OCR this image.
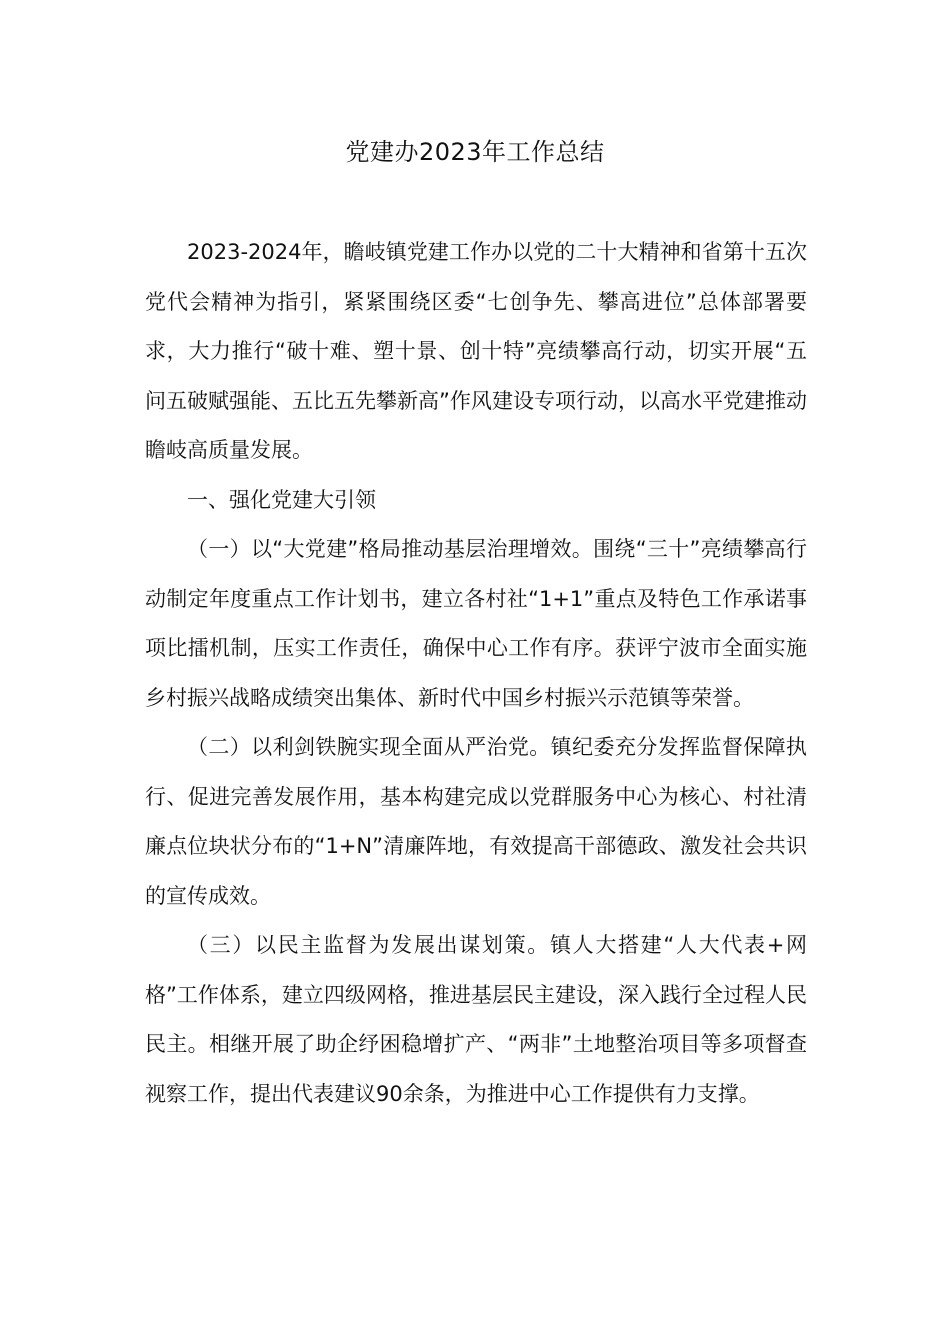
党建办2023年工作总结

2023-2024年，瞻岐镇党建工作办以党的二十大精神和省第十五次党代会精神为指引，紧紧围绕区委“七创争先、攀高进位”总体部署要求，大力推行“破十难、塑十景、创十特”亮绩攀高行动，切实开展“五问五破赋强能、五比五先攀新高”作风建设专项行动，以高水平党建推动瞻岐高质量发展。

一、强化党建大引领

（一）以“大党建”格局推动基层治理增效。围绕“三十”亮绩攀高行动制定年度重点工作计划书，建立各村社“1+1”重点及特色工作承诺事项比擂机制，压实工作责任，确保中心工作有序。获评宁波市全面实施乡村振兴战略成绩突出集体、新时代中国乡村振兴示范镇等荣誉。

（二）以利剑铁腕实现全面从严治党。镇纪委充分发挥监督保障执行、促进完善发展作用，基本构建完成以党群服务中心为核心、村社清廉点位块状分布的“1+N”清廉阵地，有效提高干部德政、激发社会共识的宣传成效。

（三）以民主监督为发展出谋划策。镇人大搭建“人大代表+网格”工作体系，建立四级网格，推进基层民主建设，深入践行全过程人民民主。相继开展了助企纾困稳增扩产、“两非”土地整治项目等多项督查视察工作，提出代表建议90余条，为推进中心工作提供有力支撑。
